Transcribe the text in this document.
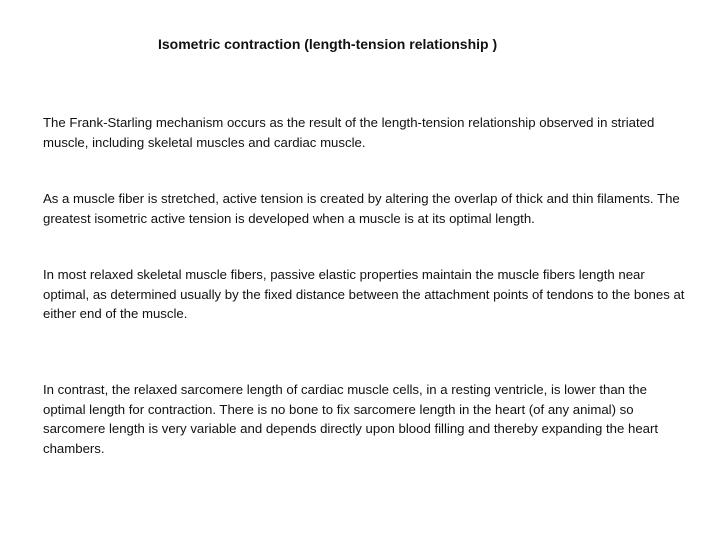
Isometric contraction (length-tension relationship )

The Frank-Starling mechanism occurs as the result of the length-tension relationship observed in striated muscle, including skeletal muscles and cardiac muscle.

As a muscle fiber is stretched, active tension is created by altering the overlap of thick and thin filaments. The greatest isometric active tension is developed when a muscle is at its optimal length.

In most relaxed skeletal muscle fibers, passive elastic properties maintain the muscle fibers length near optimal, as determined usually by the fixed distance between the attachment points of tendons to the bones at either end of the muscle.

In contrast, the relaxed sarcomere length of cardiac muscle cells, in a resting ventricle, is lower than the optimal length for contraction. There is no bone to fix sarcomere length in the heart (of any animal) so sarcomere length is very variable and depends directly upon blood filling and thereby expanding the heart chambers.
